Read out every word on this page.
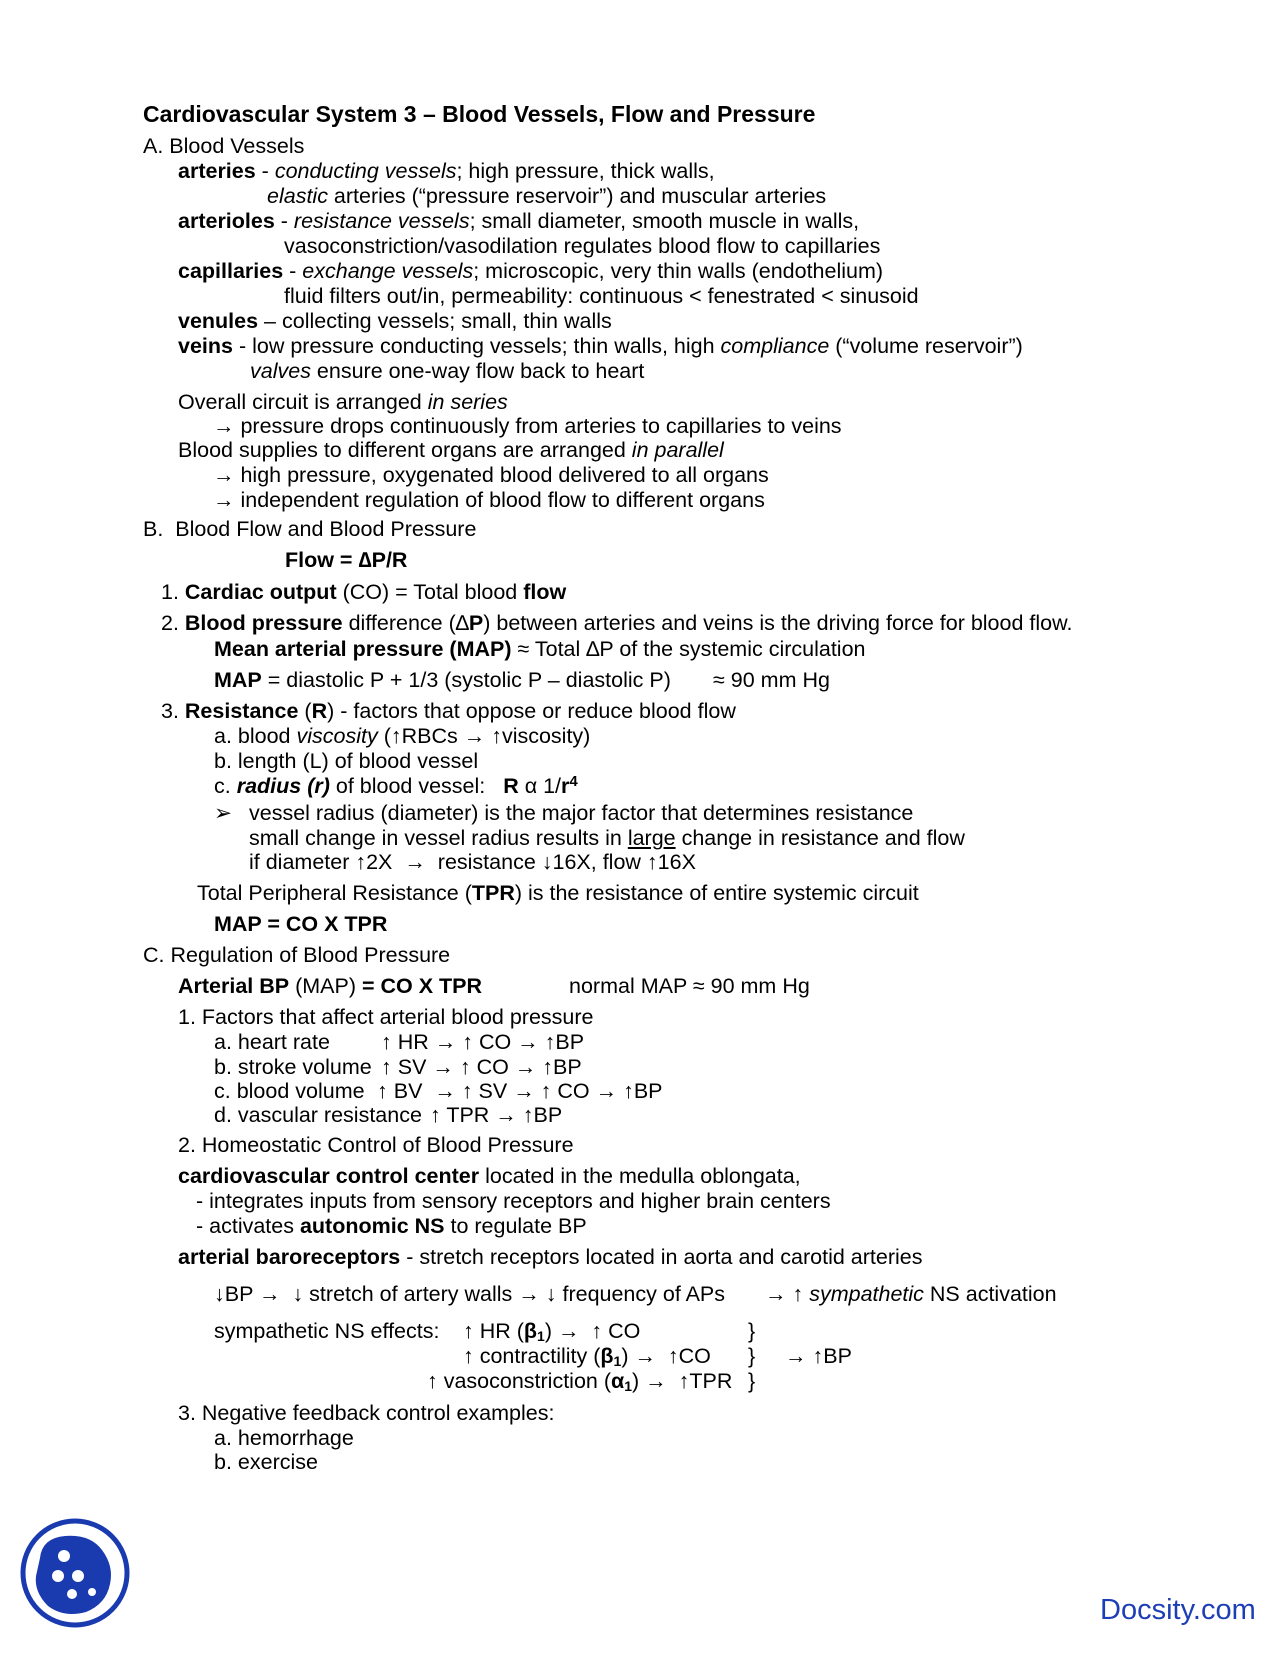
Cardiovascular System 3 – Blood Vessels, Flow and Pressure
A. Blood Vessels
arteries - conducting vessels; high pressure, thick walls,
elastic arteries (“pressure reservoir”) and muscular arteries
arterioles - resistance vessels; small diameter, smooth muscle in walls,
vasoconstriction/vasodilation regulates blood flow to capillaries
capillaries - exchange vessels; microscopic, very thin walls (endothelium)
fluid filters out/in, permeability: continuous < fenestrated < sinusoid
venules – collecting vessels; small, thin walls
veins - low pressure conducting vessels; thin walls, high compliance (“volume reservoir”)
valves ensure one-way flow back to heart
Overall circuit is arranged in series
→ pressure drops continuously from arteries to capillaries to veins
Blood supplies to different organs are arranged in parallel
→ high pressure, oxygenated blood delivered to all organs
→ independent regulation of blood flow to different organs
B.  Blood Flow and Blood Pressure
Flow = ∆P/R
1. Cardiac output (CO) = Total blood flow
2. Blood pressure difference (∆P) between arteries and veins is the driving force for blood flow.
Mean arterial pressure (MAP) ≈ Total ∆P of the systemic circulation
MAP = diastolic P + 1/3 (systolic P – diastolic P) ≈ 90 mm Hg
3. Resistance (R) - factors that oppose or reduce blood flow
a. blood viscosity (↑RBCs → ↑viscosity)
b. length (L) of blood vessel
c. radius (r) of blood vessel:   R α $1/r^4$
➢ vessel radius (diameter) is the major factor that determines resistance
small change in vessel radius results in large change in resistance and flow
if diameter ↑2X  →  resistance ↓16X, flow ↑16X
Total Peripheral Resistance (TPR) is the resistance of entire systemic circuit
MAP = CO X TPR
C. Regulation of Blood Pressure
Arterial BP (MAP) = CO X TPR	normal MAP ≈ 90 mm Hg
1. Factors that affect arterial blood pressure
a. heart rate ↑ HR → ↑ CO → ↑BP
b. stroke volume ↑ SV → ↑ CO → ↑BP
c. blood volume ↑ BV  → ↑ SV → ↑ CO → ↑BP
d. vascular resistance ↑ TPR → ↑BP
2. Homeostatic Control of Blood Pressure
cardiovascular control center located in the medulla oblongata,
- integrates inputs from sensory receptors and higher brain centers
- activates autonomic NS to regulate BP
arterial baroreceptors - stretch receptors located in aorta and carotid arteries
↓BP →  ↓ stretch of artery walls → ↓ frequency of APs → ↑ sympathetic NS activation
sympathetic NS effects: ↑ HR $(\beta_1)$ →  ↑ CO	}
↑ contractility $(\beta_1)$ →  ↑CO } → ↑BP
↑ vasoconstriction $(\alpha_1)$ →  ↑TPR }
3. Negative feedback control examples:
a. hemorrhage
b. exercise
Docsity.com
